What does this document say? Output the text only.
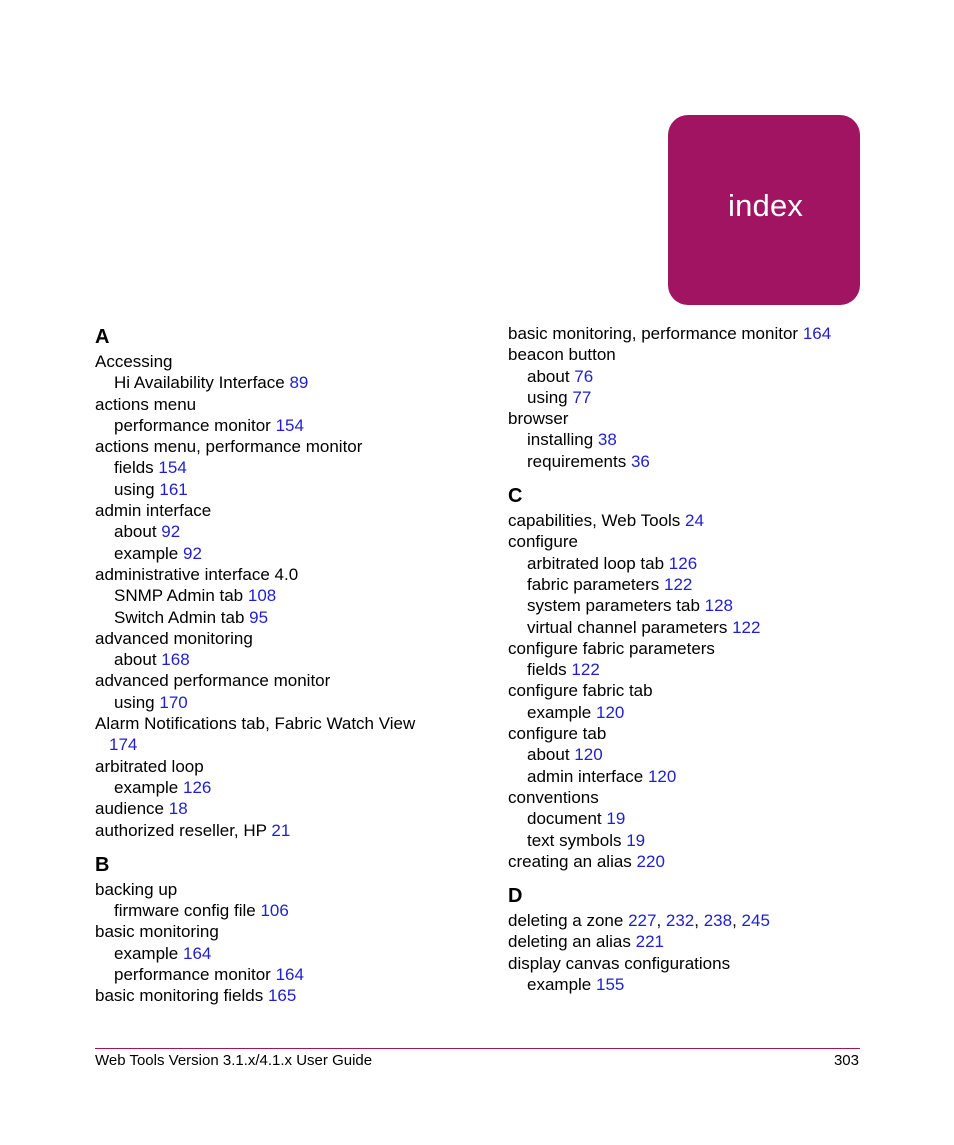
index
A
Accessing
Hi Availability Interface 89
actions menu
performance monitor 154
actions menu, performance monitor
fields 154
using 161
admin interface
about 92
example 92
administrative interface 4.0
SNMP Admin tab 108
Switch Admin tab 95
advanced monitoring
about 168
advanced performance monitor
using 170
Alarm Notifications tab, Fabric Watch View
174
arbitrated loop
example 126
audience 18
authorized reseller, HP 21
B
backing up
firmware config file 106
basic monitoring
example 164
performance monitor 164
basic monitoring fields 165
basic monitoring, performance monitor 164
beacon button
about 76
using 77
browser
installing 38
requirements 36
C
capabilities, Web Tools 24
configure
arbitrated loop tab 126
fabric parameters 122
system parameters tab 128
virtual channel parameters 122
configure fabric parameters
fields 122
configure fabric tab
example 120
configure tab
about 120
admin interface 120
conventions
document 19
text symbols 19
creating an alias 220
D
deleting a zone 227, 232, 238, 245
deleting an alias 221
display canvas configurations
example 155
Web Tools Version 3.1.x/4.1.x User Guide	303
